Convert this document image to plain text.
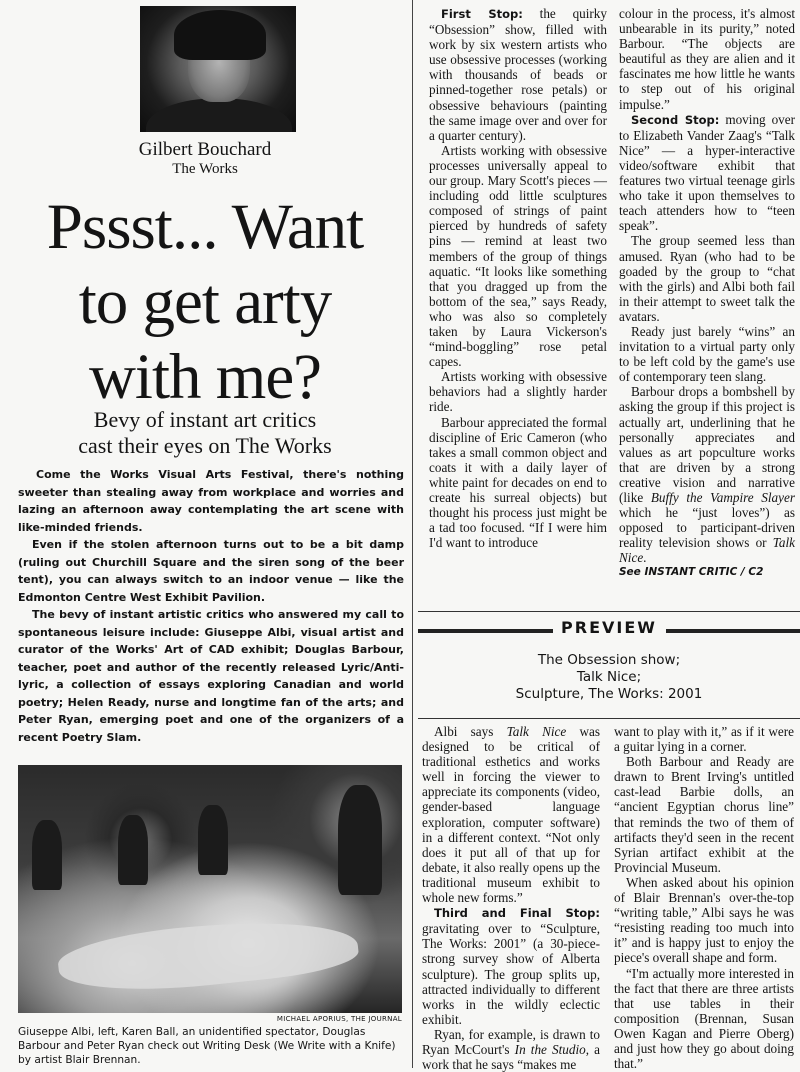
Gilbert Bouchard
The Works
Pssst... Want
to get arty
with me?
Bevy of instant art critics
cast their eyes on The Works

Come the Works Visual Arts Festival, there's nothing sweeter than stealing away from workplace and worries and lazing an afternoon away contemplating the art scene with like-minded friends.

Even if the stolen afternoon turns out to be a bit damp (ruling out Churchill Square and the siren song of the beer tent), you can always switch to an indoor venue — like the Edmonton Centre West Exhibit Pavilion.

The bevy of instant artistic critics who answered my call to spontaneous leisure include: Giuseppe Albi, visual artist and curator of the Works' Art of CAD exhibit; Douglas Barbour, teacher, poet and author of the recently released Lyric/Anti-lyric, a collection of essays exploring Canadian and world poetry; Helen Ready, nurse and longtime fan of the arts; and Peter Ryan, emerging poet and one of the organizers of a recent Poetry Slam.

MICHAEL APORIUS, THE JOURNAL
Giuseppe Albi, left, Karen Ball, an unidentified spectator, Douglas Barbour and Peter Ryan check out Writing Desk (We Write with a Knife) by artist Blair Brennan.

First Stop: the quirky “Obsession” show, filled with work by six western artists who use obsessive processes (working with thousands of beads or pinned-together rose petals) or obsessive behaviours (painting the same image over and over for a quarter century).

Artists working with obsessive processes universally appeal to our group. Mary Scott's pieces — including odd little sculptures composed of strings of paint pierced by hundreds of safety pins — remind at least two members of the group of things aquatic. “It looks like something that you dragged up from the bottom of the sea,” says Ready, who was also so completely taken by Laura Vickerson's “mind-boggling” rose petal capes.

Artists working with obsessive behaviors had a slightly harder ride.

Barbour appreciated the formal discipline of Eric Cameron (who takes a small common object and coats it with a daily layer of white paint for decades on end to create his surreal objects) but thought his process just might be a tad too focused. “If I were him I'd want to introduce

colour in the process, it's almost unbearable in its purity,” noted Barbour. “The objects are beautiful as they are alien and it fascinates me how little he wants to step out of his original impulse.”

Second Stop: moving over to Elizabeth Vander Zaag's “Talk Nice” — a hyper-interactive video/software exhibit that features two virtual teenage girls who take it upon themselves to teach attenders how to “teen speak”.

The group seemed less than amused. Ryan (who had to be goaded by the group to “chat with the girls) and Albi both fail in their attempt to sweet talk the avatars.

Ready just barely “wins” an invitation to a virtual party only to be left cold by the game's use of contemporary teen slang.

Barbour drops a bombshell by asking the group if this project is actually art, underlining that he personally appreciates and values as art popculture works that are driven by a strong creative vision and narrative (like Buffy the Vampire Slayer which he “just loves”) as opposed to participant-driven reality television shows or Talk Nice.

See INSTANT CRITIC / C2

PREVIEW
The Obsession show;
Talk Nice;
Sculpture, The Works: 2001

Albi says Talk Nice was designed to be critical of traditional esthetics and works well in forcing the viewer to appreciate its components (video, gender-based language exploration, computer software) in a different context. “Not only does it put all of that up for debate, it also really opens up the traditional museum exhibit to whole new forms.”

Third and Final Stop: gravitating over to “Sculpture, The Works: 2001” (a 30-piece-strong survey show of Alberta sculpture). The group splits up, attracted individually to different works in the wildly eclectic exhibit.

Ryan, for example, is drawn to Ryan McCourt's In the Studio, a work that he says “makes me

want to play with it,” as if it were a guitar lying in a corner.

Both Barbour and Ready are drawn to Brent Irving's untitled cast-lead Barbie dolls, an “ancient Egyptian chorus line” that reminds the two of them of artifacts they'd seen in the recent Syrian artifact exhibit at the Provincial Museum.

When asked about his opinion of Blair Brennan's over-the-top “writing table,” Albi says he was “resisting reading too much into it” and is happy just to enjoy the piece's overall shape and form.

“I'm actually more interested in the fact that there are three artists that use tables in their composition (Brennan, Susan Owen Kagan and Pierre Oberg) and just how they go about doing that.”
